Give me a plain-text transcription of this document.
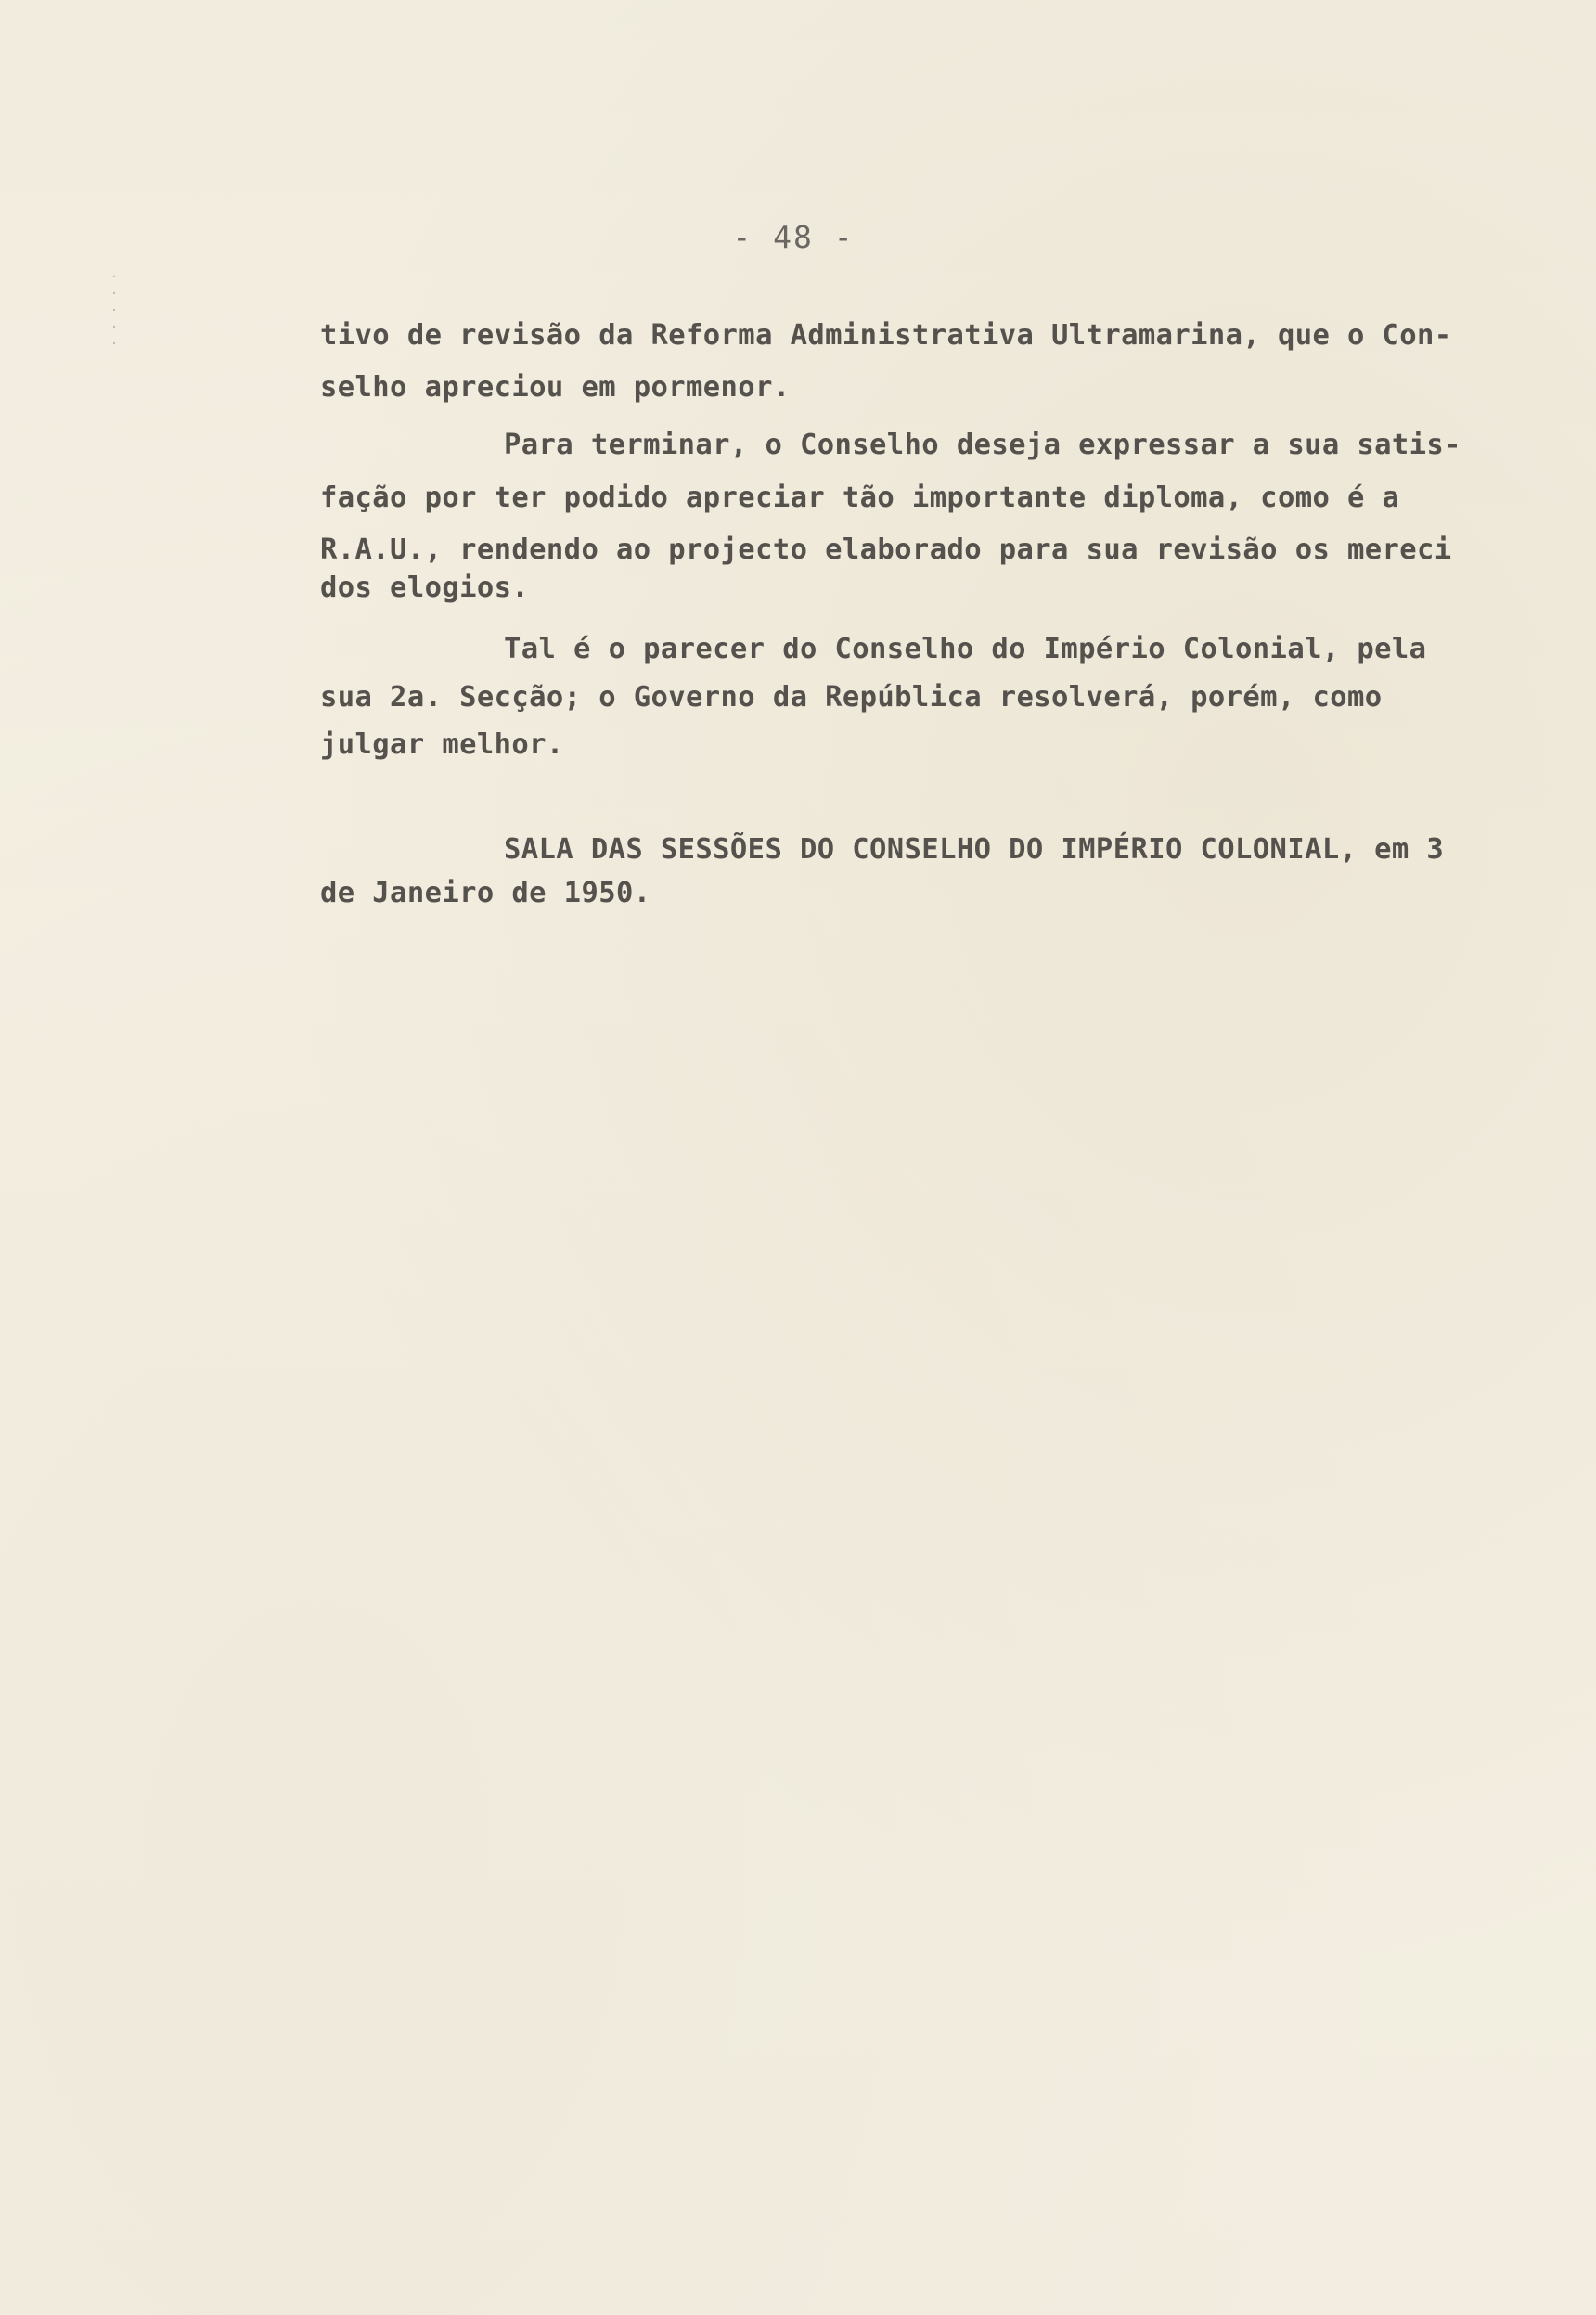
- 48 -
·
·
·
·
·	tivo de revisão da Reforma Administrativa Ultramarina, que o Con-
selho apreciou em pormenor.
Para terminar, o Conselho deseja expressar a sua satis-
fação por ter podido apreciar tão importante diploma, como é a
R.A.U., rendendo ao projecto elaborado para sua revisão os mereci
dos elogios.
Tal é o parecer do Conselho do Império Colonial, pela
sua 2a. Secção; o Governo da República resolverá, porém, como
julgar melhor.
SALA DAS SESSÕES DO CONSELHO DO IMPÉRIO COLONIAL, em 3
de Janeiro de 1950.
